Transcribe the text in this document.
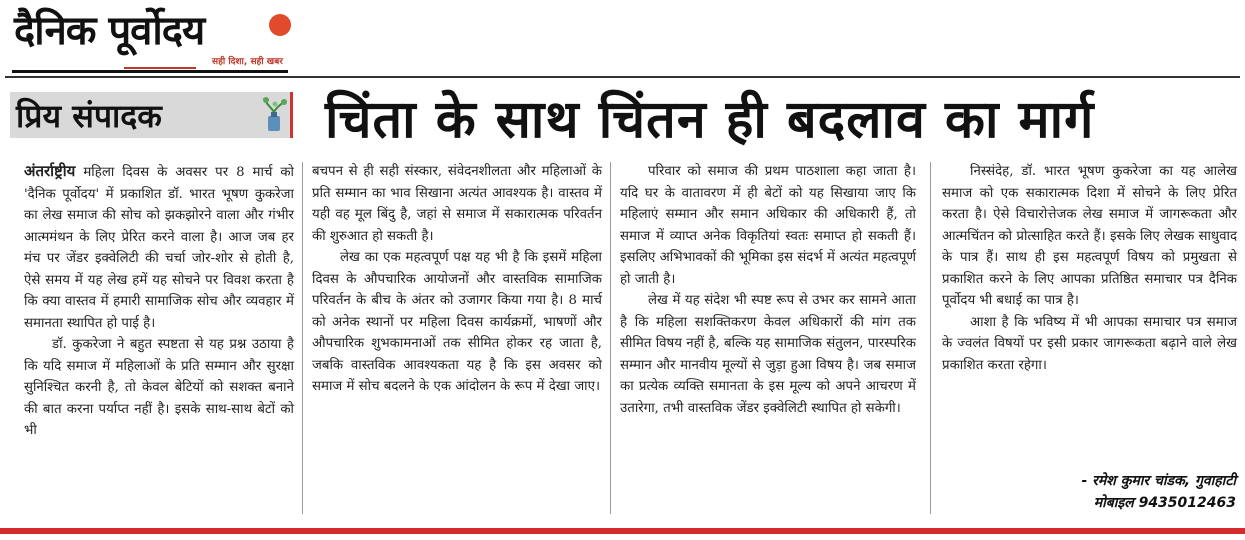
दैनिक पूर्वोदय
सही दिशा, सही खबर
प्रिय संपादक	चिंता के साथ चिंतन ही बदलाव का मार्ग

अंतर्राष्ट्रीय महिला दिवस के अवसर पर 8 मार्च को 'दैनिक पूर्वोदय' में प्रकाशित डॉ. भारत भूषण कुकरेजा का लेख समाज की सोच को झकझोरने वाला और गंभीर आत्ममंथन के लिए प्रेरित करने वाला है। आज जब हर मंच पर जेंडर इक्वेलिटी की चर्चा जोर-शोर से होती है, ऐसे समय में यह लेख हमें यह सोचने पर विवश करता है कि क्या वास्तव में हमारी सामाजिक सोच और व्यवहार में समानता स्थापित हो पाई है।

डॉ. कुकरेजा ने बहुत स्पष्टता से यह प्रश्न उठाया है कि यदि समाज में महिलाओं के प्रति सम्मान और सुरक्षा सुनिश्चित करनी है, तो केवल बेटियों को सशक्त बनाने की बात करना पर्याप्त नहीं है। इसके साथ-साथ बेटों को भी

बचपन से ही सही संस्कार, संवेदनशीलता और महिलाओं के प्रति सम्मान का भाव सिखाना अत्यंत आवश्यक है। वास्तव में यही वह मूल बिंदु है, जहां से समाज में सकारात्मक परिवर्तन की शुरुआत हो सकती है।

लेख का एक महत्वपूर्ण पक्ष यह भी है कि इसमें महिला दिवस के औपचारिक आयोजनों और वास्तविक सामाजिक परिवर्तन के बीच के अंतर को उजागर किया गया है। 8 मार्च को अनेक स्थानों पर महिला दिवस कार्यक्रमों, भाषणों और औपचारिक शुभकामनाओं तक सीमित होकर रह जाता है, जबकि वास्तविक आवश्यकता यह है कि इस अवसर को समाज में सोच बदलने के एक आंदोलन के रूप में देखा जाए।

परिवार को समाज की प्रथम पाठशाला कहा जाता है। यदि घर के वातावरण में ही बेटों को यह सिखाया जाए कि महिलाएं सम्मान और समान अधिकार की अधिकारी हैं, तो समाज में व्याप्त अनेक विकृतियां स्वतः समाप्त हो सकती हैं। इसलिए अभिभावकों की भूमिका इस संदर्भ में अत्यंत महत्वपूर्ण हो जाती है।

लेख में यह संदेश भी स्पष्ट रूप से उभर कर सामने आता है कि महिला सशक्तिकरण केवल अधिकारों की मांग तक सीमित विषय नहीं है, बल्कि यह सामाजिक संतुलन, पारस्परिक सम्मान और मानवीय मूल्यों से जुड़ा हुआ विषय है। जब समाज का प्रत्येक व्यक्ति समानता के इस मूल्य को अपने आचरण में उतारेगा, तभी वास्तविक जेंडर इक्वेलिटी स्थापित हो सकेगी।

निस्संदेह, डॉ. भारत भूषण कुकरेजा का यह आलेख समाज को एक सकारात्मक दिशा में सोचने के लिए प्रेरित करता है। ऐसे विचारोत्तेजक लेख समाज में जागरूकता और आत्मचिंतन को प्रोत्साहित करते हैं। इसके लिए लेखक साधुवाद के पात्र हैं। साथ ही इस महत्वपूर्ण विषय को प्रमुखता से प्रकाशित करने के लिए आपका प्रतिष्ठित समाचार पत्र दैनिक पूर्वोदय भी बधाई का पात्र है।

आशा है कि भविष्य में भी आपका समाचार पत्र समाज के ज्वलंत विषयों पर इसी प्रकार जागरूकता बढ़ाने वाले लेख प्रकाशित करता रहेगा।

- रमेश कुमार चांडक, गुवाहाटी
मोबाइल 9435012463
